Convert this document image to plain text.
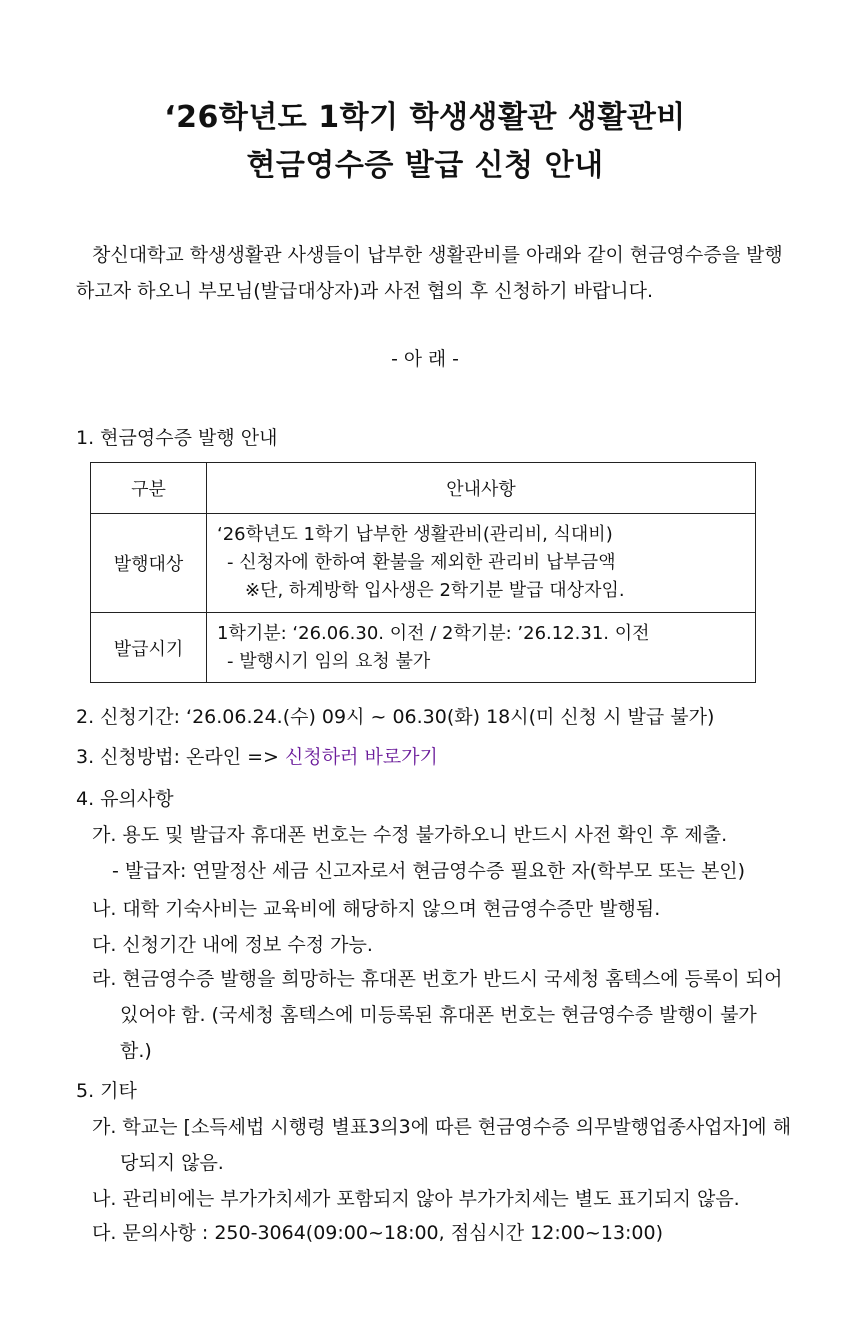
‘26학년도 1학기 학생생활관 생활관비
현금영수증 발급 신청 안내
창신대학교 학생생활관 사생들이 납부한 생활관비를 아래와 같이 현금영수증을 발행
하고자 하오니 부모님(발급대상자)과 사전 협의 후 신청하기 바랍니다.
- 아 래 -
1. 현금영수증 발행 안내
구분	안내사항
발행대상	‘26학년도 1학기 납부한 생활관비(관리비, 식대비)
- 신청자에 한하여 환불을 제외한 관리비 납부금액
※단, 하계방학 입사생은 2학기분 발급 대상자임.

발급시기	1학기분: ‘26.06.30. 이전 / 2학기분: ’26.12.31. 이전
- 발행시기 임의 요청 불가
2. 신청기간: ‘26.06.24.(수) 09시 ~ 06.30(화) 18시(미 신청 시 발급 불가)
3. 신청방법: 온라인 => 신청하러 바로가기
4. 유의사항
가. 용도 및 발급자 휴대폰 번호는 수정 불가하오니 반드시 사전 확인 후 제출.
- 발급자: 연말정산 세금 신고자로서 현금영수증 필요한 자(학부모 또는 본인)
나. 대학 기숙사비는 교육비에 해당하지 않으며 현금영수증만 발행됨.
다. 신청기간 내에 정보 수정 가능.
라. 현금영수증 발행을 희망하는 휴대폰 번호가 반드시 국세청 홈텍스에 등록이 되어
있어야 함. (국세청 홈텍스에 미등록된 휴대폰 번호는 현금영수증 발행이 불가
함.)
5. 기타
가. 학교는 [소득세법 시행령 별표3의3에 따른 현금영수증 의무발행업종사업자]에 해
당되지 않음.
나. 관리비에는 부가가치세가 포함되지 않아 부가가치세는 별도 표기되지 않음.
다. 문의사항 : 250-3064(09:00~18:00, 점심시간 12:00~13:00)
